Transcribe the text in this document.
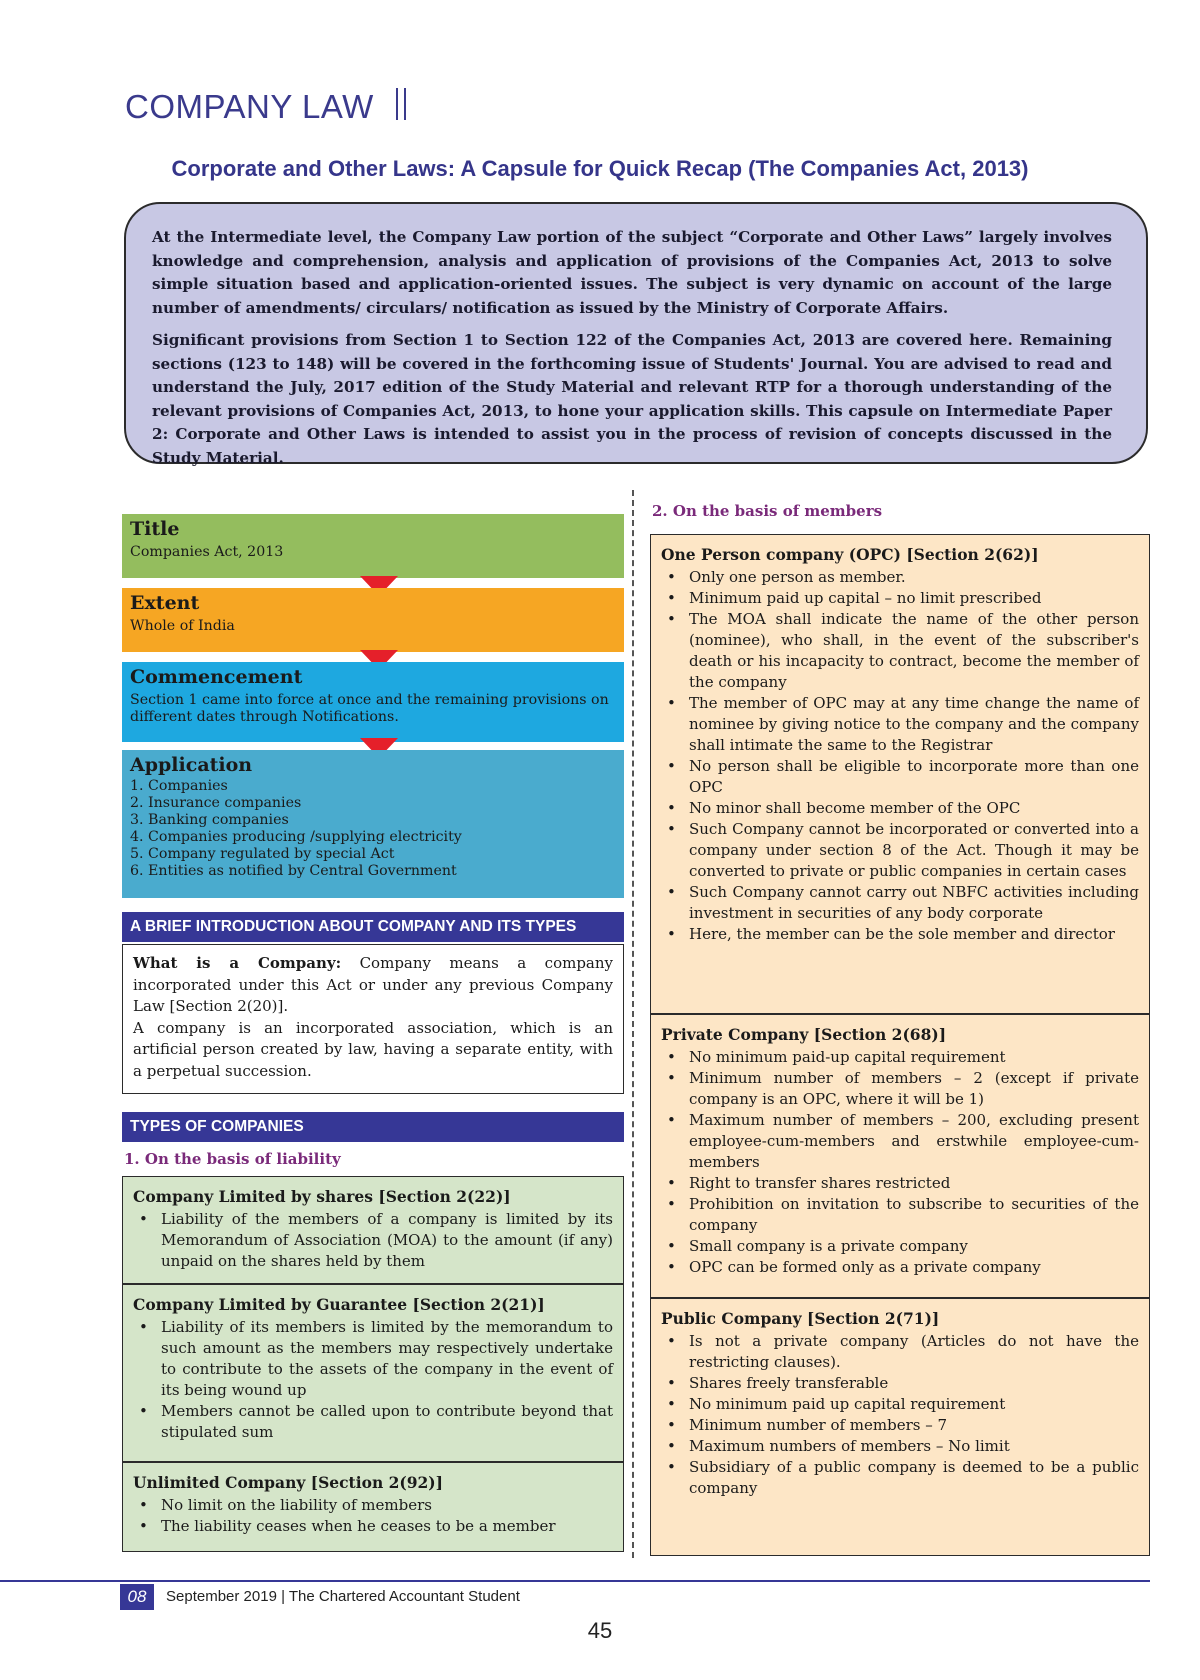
COMPANY LAW
Corporate and Other Laws: A Capsule for Quick Recap (The Companies Act, 2013)

At the Intermediate level, the Company Law portion of the subject “Corporate and Other Laws” largely involves knowledge and comprehension, analysis and application of provisions of the Companies Act, 2013 to solve simple situation based and application-oriented issues. The subject is very dynamic on account of the large number of amendments/ circulars/ notification as issued by the Ministry of Corporate Affairs.

Significant provisions from Section 1 to Section 122 of the Companies Act, 2013 are covered here. Remaining sections (123 to 148) will be covered in the forthcoming issue of Students' Journal. You are advised to read and understand the July, 2017 edition of the Study Material and relevant RTP for a thorough understanding of the relevant provisions of Companies Act, 2013, to hone your application skills. This capsule on Intermediate Paper 2: Corporate and Other Laws is intended to assist you in the process of revision of concepts discussed in the Study Material.

Title
Companies Act, 2013
Extent
Whole of India
Commencement
Section 1 came into force at once and the remaining provisions on different dates through Notifications.
Application
1. Companies
2. Insurance companies
3. Banking companies
4. Companies producing /supplying electricity
5. Company regulated by special Act
6. Entities as notified by Central Government
A BRIEF INTRODUCTION ABOUT COMPANY AND ITS TYPES
What is a Company: Company means a company incorporated under this Act or under any previous Company Law [Section 2(20)].
A company is an incorporated association, which is an artificial person created by law, having a separate entity, with a perpetual succession.
TYPES OF COMPANIES
1. On the basis of liability
Company Limited by shares [Section 2(22)]
• Liability of the members of a company is limited by its Memorandum of Association (MOA) to the amount (if any) unpaid on the shares held by them
Company Limited by Guarantee [Section 2(21)]
• Liability of its members is limited by the memorandum to such amount as the members may respectively undertake to contribute to the assets of the company in the event of its being wound up
• Members cannot be called upon to contribute beyond that stipulated sum
Unlimited Company [Section 2(92)]
• No limit on the liability of members
• The liability ceases when he ceases to be a member
2. On the basis of members
One Person company (OPC) [Section 2(62)]
• Only one person as member.
• Minimum paid up capital – no limit prescribed
• The MOA shall indicate the name of the other person (nominee), who shall, in the event of the subscriber's death or his incapacity to contract, become the member of the company
• The member of OPC may at any time change the name of nominee by giving notice to the company and the company shall intimate the same to the Registrar
• No person shall be eligible to incorporate more than one OPC
• No minor shall become member of the OPC
• Such Company cannot be incorporated or converted into a company under section 8 of the Act. Though it may be converted to private or public companies in certain cases
• Such Company cannot carry out NBFC activities including investment in securities of any body corporate
• Here, the member can be the sole member and director
Private Company [Section 2(68)]
• No minimum paid-up capital requirement
• Minimum number of members – 2 (except if private company is an OPC, where it will be 1)
• Maximum number of members – 200, excluding present employee-cum-members and erstwhile employee-cum-members
• Right to transfer shares restricted
• Prohibition on invitation to subscribe to securities of the company
• Small company is a private company
• OPC can be formed only as a private company
Public Company [Section 2(71)]
• Is not a private company (Articles do not have the restricting clauses).
• Shares freely transferable
• No minimum paid up capital requirement
• Minimum number of members – 7
• Maximum numbers of members – No limit
• Subsidiary of a public company is deemed to be a public company
08	September 2019 | The Chartered Accountant Student
45
